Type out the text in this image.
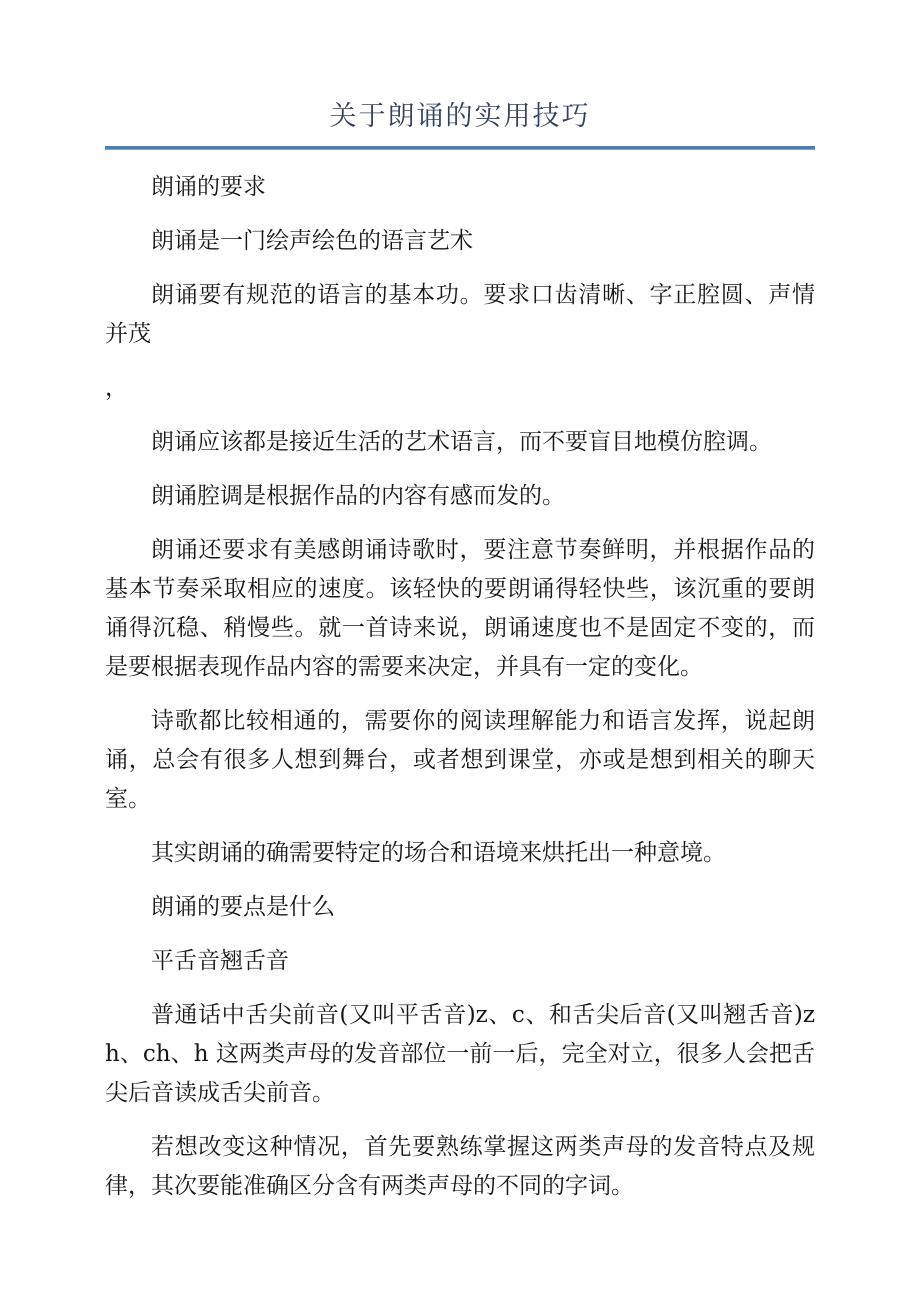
关于朗诵的实用技巧

朗诵的要求

朗诵是一门绘声绘色的语言艺术

朗诵要有规范的语言的基本功。要求口齿清晰、字正腔圆、声情并茂

，

朗诵应该都是接近生活的艺术语言，而不要盲目地模仿腔调。

朗诵腔调是根据作品的内容有感而发的。

朗诵还要求有美感朗诵诗歌时，要注意节奏鲜明，并根据作品的基本节奏采取相应的速度。该轻快的要朗诵得轻快些，该沉重的要朗诵得沉稳、稍慢些。就一首诗来说，朗诵速度也不是固定不变的，而是要根据表现作品内容的需要来决定，并具有一定的变化。

诗歌都比较相通的，需要你的阅读理解能力和语言发挥，说起朗诵，总会有很多人想到舞台，或者想到课堂，亦或是想到相关的聊天室。

其实朗诵的确需要特定的场合和语境来烘托出一种意境。

朗诵的要点是什么

平舌音翘舌音

普通话中舌尖前音(又叫平舌音)z、c、和舌尖后音(又叫翘舌音)zh、ch、h 这两类声母的发音部位一前一后，完全对立，很多人会把舌尖后音读成舌尖前音。

若想改变这种情况，首先要熟练掌握这两类声母的发音特点及规律，其次要能准确区分含有两类声母的不同的字词。
